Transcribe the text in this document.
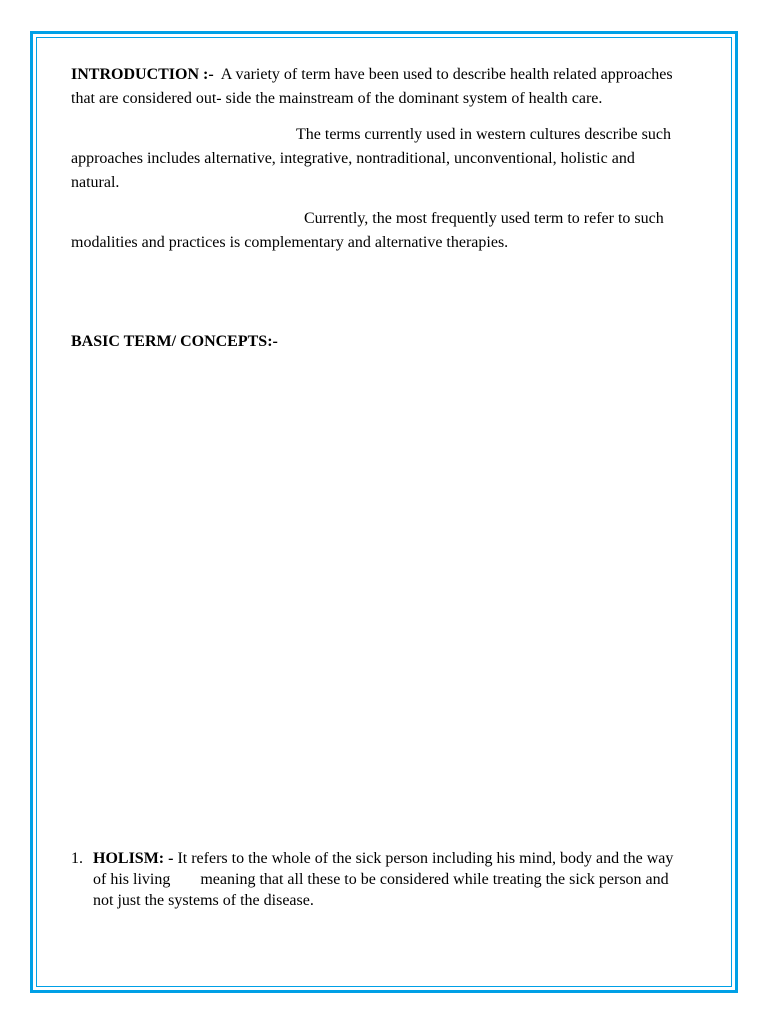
INTRODUCTION :- A variety of term have been used to describe health related approaches that are considered out- side the mainstream of the dominant system of health care.

The terms currently used in western cultures describe such approaches includes alternative, integrative, nontraditional, unconventional, holistic and natural.

Currently, the most frequently used term to refer to such modalities and practices is complementary and alternative therapies.

BASIC TERM/ CONCEPTS:-

1. HOLISM: - It refers to the whole of the sick person including his mind, body and the way of his living meaning that all these to be considered while treating the sick person and not just the systems of the disease.
